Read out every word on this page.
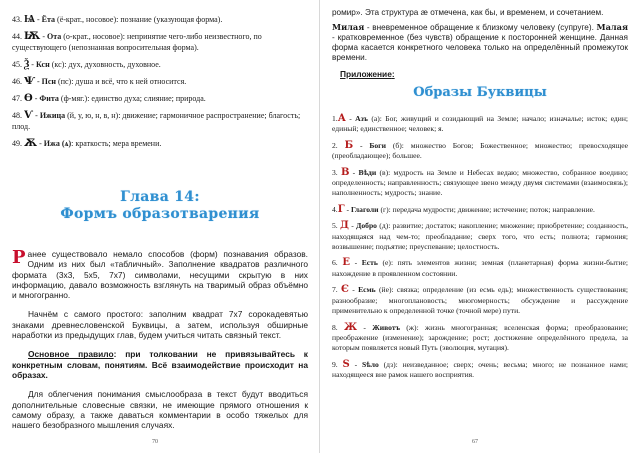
43. Ѩ - Ёта (ё-крат., носовое): познание (указующая форма).
44. Ѭ - Ота (о-крат., носовое): непринятие чего-либо неизвестного, по существующего (непознанная вопросительная форма).
45. Ѯ - Ксн (кс): дух, духовность, духовное.
46. Ѱ - Псн (пс): душа и всё, что к ней относится.
47. Ѳ - Фита (ф-мяг.): единство духа; слияние; природа.
48. Ѵ - Ижица (й, у, ю, н, в, н): движение; гармоничное распространение; благость; плод.
49. Ѫ - Ижа (ѧ): краткость; мера времени.
Глава 14:
Формъ образотварения

Ранее существовало немало способов (форм) познавания образов. Одним из них был «табличный». Заполнение квадратов различного формата (3х3, 5х5, 7х7) символами, несущими скрытую в них информацию, давало возможность взглянуть на тваримый образ объёмно и многогранно.

Начнём с самого простого: заполним квадрат 7х7 сорокадевятью знаками древнесловенской Буквицы, а затем, используя обширные наработки из предыдущих глав, будем учиться читать связный текст.

Основное правило: при толковании не привязывайтесь к конкретным словам, понятиям. Всё взаимодействие происходит на образах.

Для облегчения понимания смыслообраза в текст будут вводиться дополнительные словесные связки, не имеющие прямого отношения к самому образу, а также даваться комментарии в особо тяжелых для нашего безобразного мышления случаях.

70

ромир». Эта структура æ отмечена, как бы, и временем, и сочетанием.

Милая - вневременное обращение к близкому человеку (супруге). Малая - кратковременное (без чувств) обращение к посторонней женщине. Данная форма касается конкретного человека только на определённый промежуток времени.

Приложение:
Образы Буквицы
1.А - Азъ (а): Бог, живущий и созидающий на Земле; начало; изначалье; исток; един; единый; единственное; человек; я.
2. Б - Боги (б): множество Богов; Божественное; множество; превосходящее (преобладающее); большее.
3. В - Вѣди (в): мудрость на Земле и Небесах ведаю; множество, собранное воедино; определенность; направленность; связующее звено между двумя системами (взаимосвязь); наполненность; мудрость; знание.
4.Г - Глаголи (г): передача мудрости; движение; истечение; поток; направление.
5. Д - Добро (д): развитие; достаток; накопление; множение; приобретение; созданность, находящаяся над чем-то; преобладание; сверх того, что есть; полнота; гармония; возвышение; подъятие; преуспевание; целостность.
6. Е - Есть (е): пять элементов жизни; земная (планетарная) форма жизни-бытие; нахождение в проявленном состоянии.
7. Є - Есмь (йе): связка; определение (из есмь едь); множественность существования; разнообразие; многоплановость; многомерность; обсуждение и рассуждение применительно к определенной точке (точной мере) пути.
8. Ж - Животъ (ж): жизнь многогранная; вселенская форма; преобразование; преображение (изменение); зарождение; рост; достижение определённого предела, за которым появляется новый Путь (эволюция, мутация).
9. Ѕ - Ѕѣло (дз): неизведанное; сверх; очень; весьма; много; не познанное нами; находящееся вне рамок нашего восприятия.
67
